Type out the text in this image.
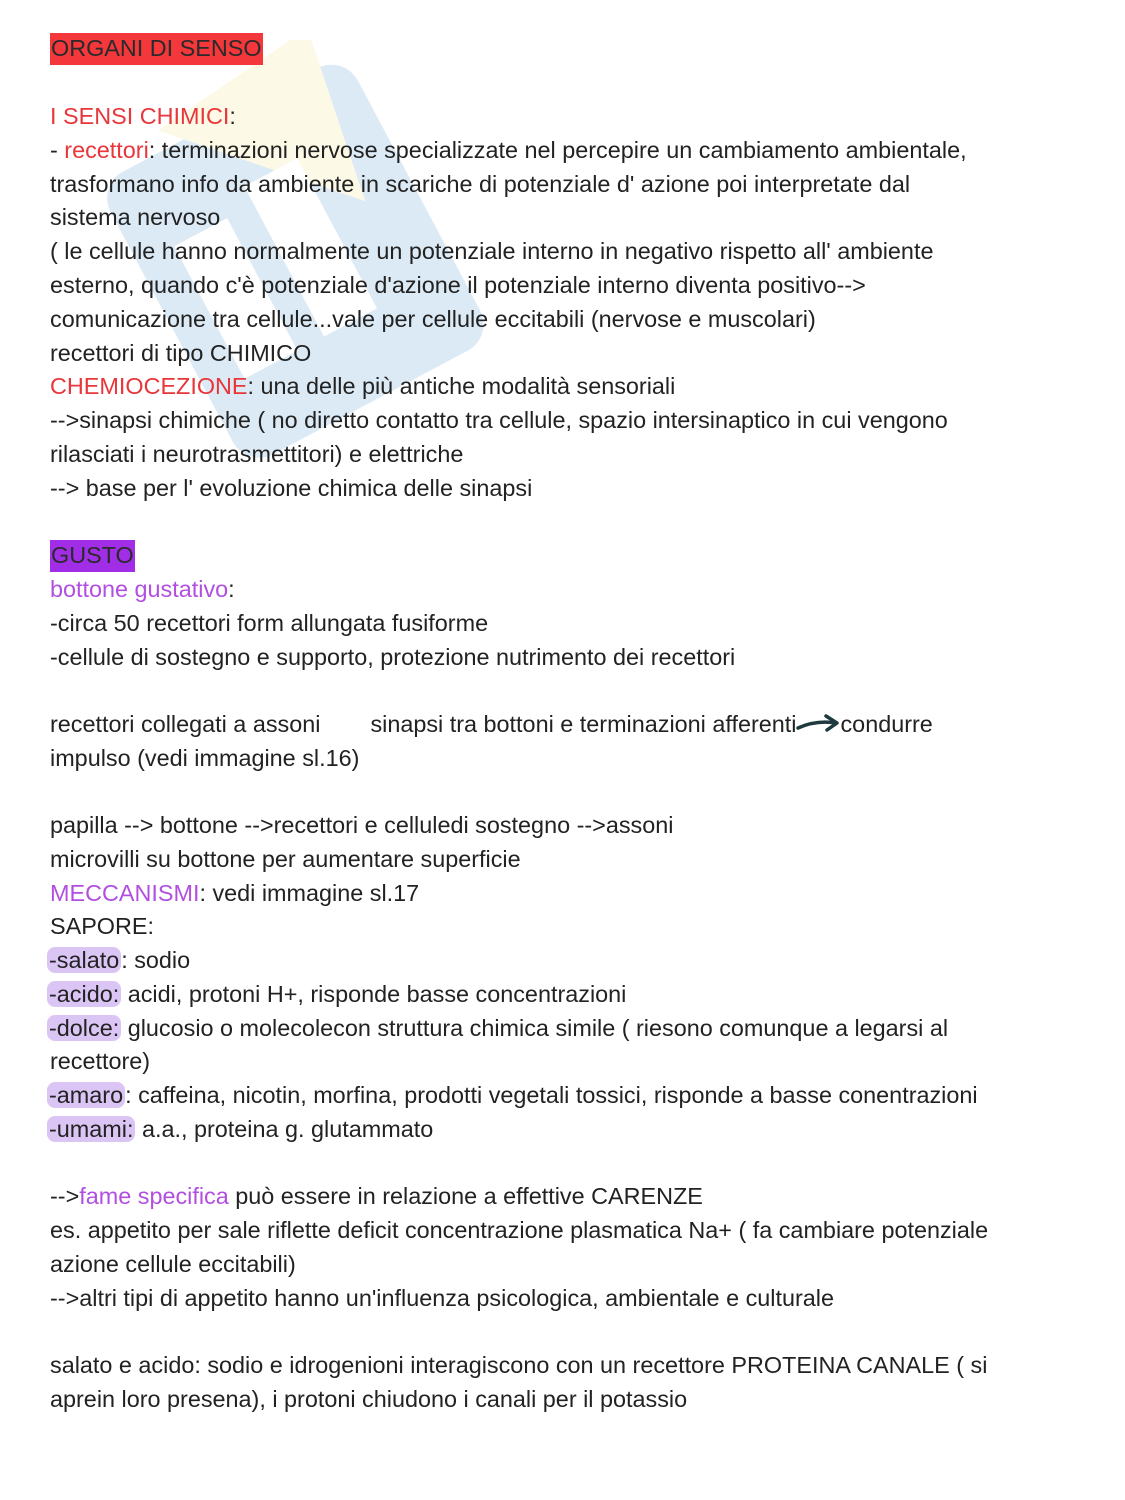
ORGANI DI SENSO
I SENSI CHIMICI:
- recettori: terminazioni nervose specializzate nel percepire un cambiamento ambientale,
trasformano info da ambiente in scariche di potenziale d' azione poi interpretate dal
sistema nervoso
( le cellule hanno normalmente un potenziale interno in negativo rispetto all' ambiente
esterno, quando c'è potenziale d'azione il potenziale interno diventa positivo-->
comunicazione tra cellule...vale per cellule eccitabili (nervose e muscolari)
recettori di tipo CHIMICO
CHEMIOCEZIONE: una delle più antiche modalità sensoriali
-->sinapsi chimiche ( no diretto contatto tra cellule, spazio intersinaptico in cui vengono
rilasciati i neurotrasmettitori) e elettriche
--> base per l' evoluzione chimica delle sinapsi
GUSTO
bottone gustativo:
-circa 50 recettori form allungata fusiforme
-cellule di sostegno e supporto, protezione nutrimento dei recettori
recettori collegati a assoni sinapsi tra bottoni e terminazioni afferenti condurre
impulso (vedi immagine sl.16)
papilla --> bottone -->recettori e celluledi sostegno -->assoni
microvilli su bottone per aumentare superficie
MECCANISMI: vedi immagine sl.17
SAPORE:
-salato: sodio
-acido: acidi, protoni H+, risponde basse concentrazioni
-dolce: glucosio o molecolecon struttura chimica simile ( riesono comunque a legarsi al
recettore)
-amaro: caffeina, nicotin, morfina, prodotti vegetali tossici, risponde a basse conentrazioni
-umami: a.a., proteina g. glutammato
-->fame specifica può essere in relazione a effettive CARENZE
es. appetito per sale riflette deficit concentrazione plasmatica Na+ ( fa cambiare potenziale
azione cellule eccitabili)
-->altri tipi di appetito hanno un'influenza psicologica, ambientale e culturale
salato e acido: sodio e idrogenioni interagiscono con un recettore PROTEINA CANALE ( si
aprein loro presena), i protoni chiudono i canali per il potassio
